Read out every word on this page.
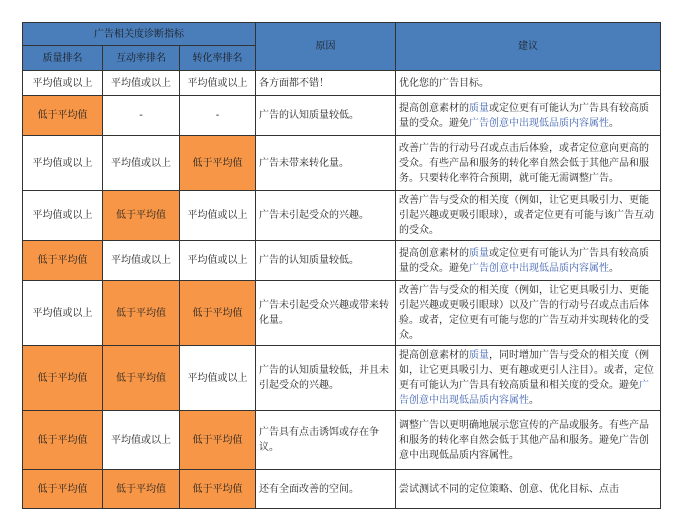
广告相关度诊断指标			原因	建议
质量排名	互动率排名	转化率排名		
平均值或以上	平均值或以上	平均值或以上	各方面都不错！	优化您的广告目标。
低于平均值	-	-	广告的认知质量较低。	提高创意素材的质量或定位更有可能认为广告具有较高质量的受众。避免广告创意中出现低品质内容属性。
平均值或以上	平均值或以上	低于平均值	广告未带来转化量。	改善广告的行动号召或点击后体验，或者定位意向更高的受众。有些产品和服务的转化率自然会低于其他产品和服务。只要转化率符合预期，就可能无需调整广告。
平均值或以上	低于平均值	平均值或以上	广告未引起受众的兴趣。	改善广告与受众的相关度（例如，让它更具吸引力、更能引起兴趣或更吸引眼球），或者定位更有可能与该广告互动的受众。
低于平均值	平均值或以上	平均值或以上	广告的认知质量较低。	提高创意素材的质量或定位更有可能认为广告具有较高质量的受众。避免广告创意中出现低品质内容属性。
平均值或以上	低于平均值	低于平均值	广告未引起受众兴趣或带来转化量。	改善广告与受众的相关度（例如，让它更具吸引力、更能引起兴趣或更吸引眼球）以及广告的行动号召或点击后体验。或者，定位更有可能与您的广告互动并实现转化的受众。
低于平均值	低于平均值	平均值或以上	广告的认知质量较低，并且未引起受众的兴趣。	提高创意素材的质量，同时增加广告与受众的相关度（例如，让它更具吸引力、更有趣或更引人注目）。或者，定位更有可能认为广告具有较高质量和相关度的受众。避免广告创意中出现低品质内容属性。
低于平均值	平均值或以上	低于平均值	广告具有点击诱饵或存在争议。	调整广告以更明确地展示您宣传的产品或服务。有些产品和服务的转化率自然会低于其他产品和服务。避免广告创意中出现低品质内容属性。
低于平均值	低于平均值	低于平均值	还有全面改善的空间。	尝试测试不同的定位策略、创意、优化目标、点击
